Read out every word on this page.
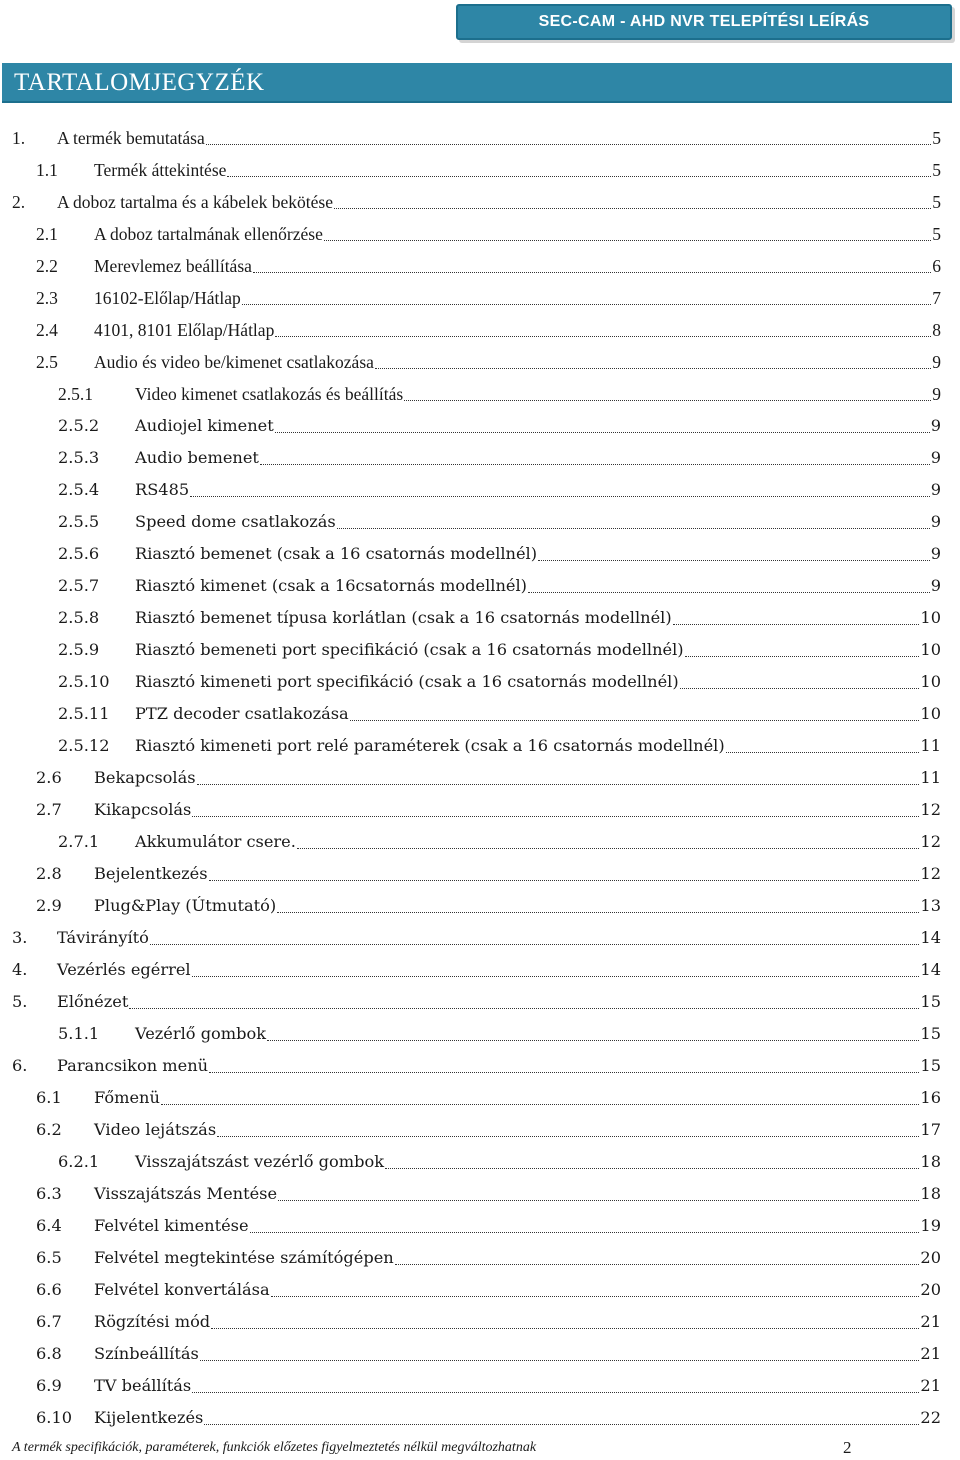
SEC-CAM - AHD NVR TELEPÍTÉSI LEÍRÁS
TARTALOMJEGYZÉK
1. A termék bemutatása	5
1.1 Termék áttekintése	5
2. A doboz tartalma és a kábelek bekötése	5
2.1 A doboz tartalmának ellenőrzése	5
2.2 Merevlemez beállítása	6
2.3 16102-Előlap/Hátlap	7
2.4 4101, 8101 Előlap/Hátlap	8
2.5 Audio és video be/kimenet csatlakozása	9
2.5.1 Video kimenet csatlakozás és beállítás	9
2.5.2 Audiojel kimenet	9
2.5.3 Audio bemenet	9
2.5.4 RS485	9
2.5.5 Speed dome csatlakozás	9
2.5.6 Riasztó bemenet (csak a 16 csatornás modellnél)	9
2.5.7 Riasztó kimenet (csak a 16csatornás modellnél)	9
2.5.8 Riasztó bemenet típusa korlátlan (csak a 16 csatornás modellnél)	10
2.5.9 Riasztó bemeneti port specifikáció (csak a 16 csatornás modellnél)	10
2.5.10 Riasztó kimeneti port specifikáció (csak a 16 csatornás modellnél)	10
2.5.11 PTZ decoder csatlakozása	10
2.5.12 Riasztó kimeneti port relé paraméterek (csak a 16 csatornás modellnél)	11
2.6 Bekapcsolás	11
2.7 Kikapcsolás	12
2.7.1 Akkumulátor csere.	12
2.8 Bejelentkezés	12
2.9 Plug&Play (Útmutató)	13
3. Távirányító	14
4. Vezérlés egérrel	14
5. Előnézet	15
5.1.1 Vezérlő gombok	15
6. Parancsikon menü	15
6.1 Főmenü	16
6.2 Video lejátszás	17
6.2.1 Visszajátszást vezérlő gombok	18
6.3 Visszajátszás Mentése	18
6.4 Felvétel kimentése	19
6.5 Felvétel megtekintése számítógépen	20
6.6 Felvétel konvertálása	20
6.7 Rögzítési mód	21
6.8 Színbeállítás	21
6.9 TV beállítás	21
6.10 Kijelentkezés	22
A termék specifikációk, paraméterek, funkciók előzetes figyelmeztetés nélkül megváltozhatnak	2
